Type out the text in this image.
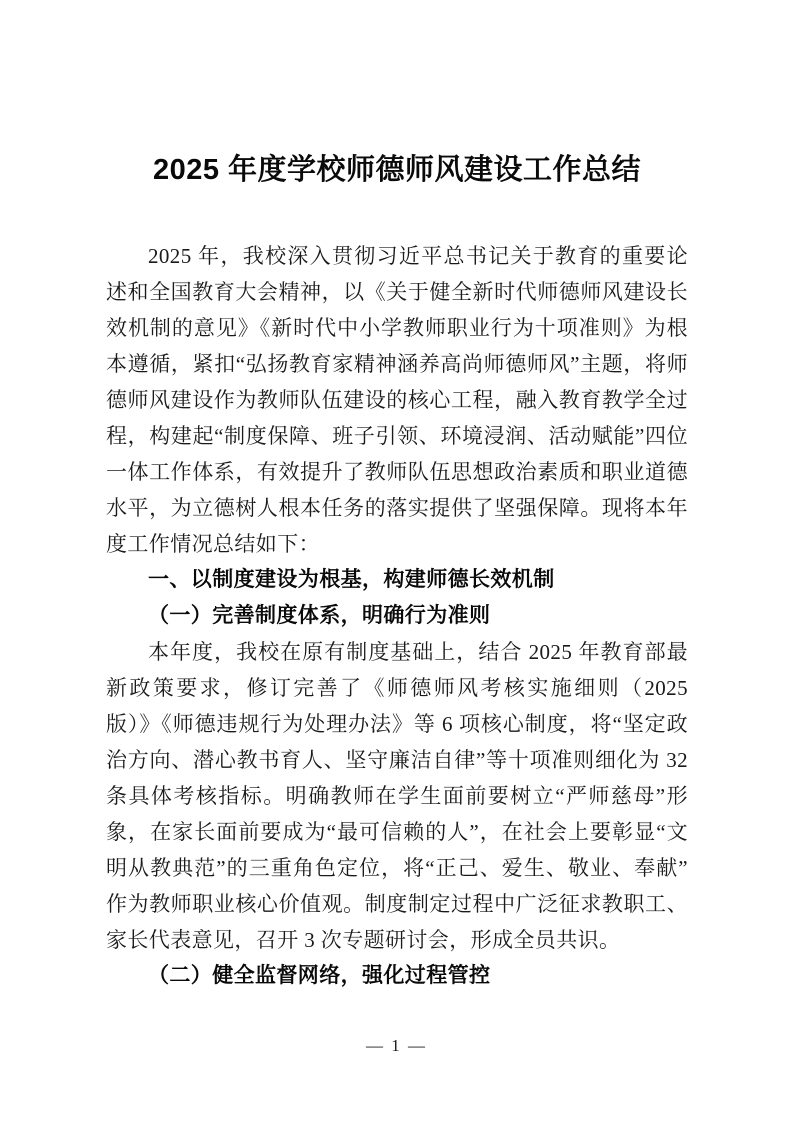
2025 年度学校师德师风建设工作总结

2025 年，我校深入贯彻习近平总书记关于教育的重要论述和全国教育大会精神，以《关于健全新时代师德师风建设长效机制的意见》《新时代中小学教师职业行为十项准则》为根本遵循，紧扣“弘扬教育家精神涵养高尚师德师风”主题，将师德师风建设作为教师队伍建设的核心工程，融入教育教学全过程，构建起“制度保障、班子引领、环境浸润、活动赋能”四位一体工作体系，有效提升了教师队伍思想政治素质和职业道德水平，为立德树人根本任务的落实提供了坚强保障。现将本年度工作情况总结如下：

一、以制度建设为根基，构建师德长效机制

（一）完善制度体系，明确行为准则

本年度，我校在原有制度基础上，结合 2025 年教育部最新政策要求，修订完善了《师德师风考核实施细则（2025 版）》《师德违规行为处理办法》等 6 项核心制度，将“坚定政治方向、潜心教书育人、坚守廉洁自律”等十项准则细化为 32 条具体考核指标。明确教师在学生面前要树立“严师慈母”形象，在家长面前要成为“最可信赖的人”，在社会上要彰显“文明从教典范”的三重角色定位，将“正己、爱生、敬业、奉献”作为教师职业核心价值观。制度制定过程中广泛征求教职工、家长代表意见，召开 3 次专题研讨会，形成全员共识。

（二）健全监督网络，强化过程管控

— 1 —
